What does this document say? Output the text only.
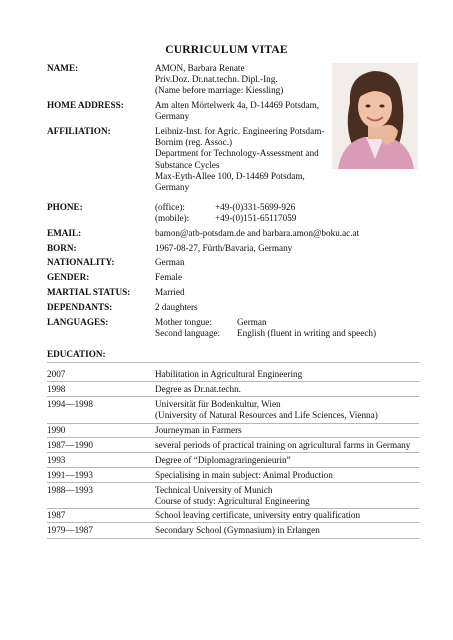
CURRICULUM VITAE
NAME:	AMON, Barbara Renate
Priv.Doz. Dr.nat.techn. Dipl.-Ing.
(Name before marriage: Kiessling)
HOME ADDRESS:	Am alten Mörtelwerk 4a, D-14469 Potsdam,
Germany
AFFILIATION:	Leibniz-Inst. for Agric. Engineering Potsdam-
Bornim (reg. Assoc.)
Department for Technology-Assessment and
Substance Cycles
Max-Eyth-Allee 100, D-14469 Potsdam,
Germany
PHONE:	(office):	+49-(0)331-5699-926
(mobile):	+49-(0)151-65117059
EMAIL:	bamon@atb-potsdam.de and barbara.amon@boku.ac.at
BORN:	1967-08-27, Fürth/Bavaria, Germany
NATIONALITY:	German
GENDER:	Female
MARTIAL STATUS:	Married
DEPENDANTS:	2 daughters
LANGUAGES:	Mother tongue:	German
Second language: English (fluent in writing and speech)
EDUCATION:
2007	Habilitation in Agricultural Engineering
1998	Degree as Dr.nat.techn.
1994—1998	Universität für Bodenkultur, Wien
(University of Natural Resources and Life Sciences, Vienna)
1990	Journeyman in Farmers
1987—1990	several periods of practical training on agricultural farms in Germany
1993	Degree of “Diplomagraringenieurin”
1991—1993	Specialising in main subject: Animal Production
1988—1993	Technical University of Munich
Course of study: Agricultural Engineering
1987	School leaving certificate, university entry qualification
1979—1987	Secondary School (Gymnasium) in Erlangen
